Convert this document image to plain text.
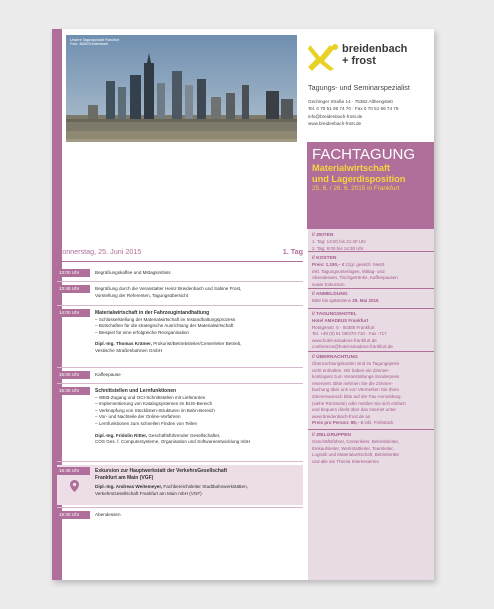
Unsere Tagungsstadt Frankfurt
Foto: 360b/Shutterstock	breidenbach
+ frost
Tagungs- und Seminarspezialist
Gechinger Straße 14 · 75382 Althengstett
Tel. 0 70 51 96 74 70 · Fax 0 70 51 96 74 79
info@breidenbach-frost.de
www.breidenbach-frost.de
FACHTAGUNG
Materialwirtschaft
und Lagerdisposition
25. 6. / 26. 6. 2015 in Frankfurt
Donnerstag, 25. Juni 2015	1. Tag
13:00 Uhr	Begrüßungskaffee und Mittagsimbiss
13:45 Uhr	Begrüßung durch die Veranstalter Heinz Breidenbach und Sabine Frost,
Vorstellung der Referenten, Tagungsübersicht
14:00 Uhr	Materialwirtschaft in der Fahrzeugintandhaltung
– Schlüsselstellung der Materialwirtschaft im Instandhaltungsprozess
– Botschaften für die strategische Ausrichtung der Materialwirtschaft
– Beispiel für eine erfolgreiche Reorganisation
Dipl.-Ing. Thomas Krämer, Prokurist/Betriebsleiter/Centerleiter Betrieb,
Vestische Straßenbahnen GmbH
15:00 Uhr	Kaffeepause
15:30 Uhr	Schnittstellen und Lernfunktionen
– WEB-Zugang und OCI-Schnittstellen mit Lieferanten
– Implementierung von Katalogsystemen im BUS-Bereich
– Verknüpfung von Stücklisten-Strukturen im Bahn-Bereich
– Vor- und Nachteile der Online-Verfahren
– Lernfunktionen zum schnellen Finden von Teilen
Dipl.-Ing. Fridolin Ritter, Geschäftsführender Gesellschafter,
COS Ges. f. Computersysteme, Organisation und Softwareentwicklung mbH
16:45 Uhr	Exkursion zur Hauptwerkstatt der VerkehrsGesellschaft
Frankfurt am Main (VGF)
Dipl.-Ing. Andreas Weitemeyer, Fachbereichsleiter Stadtbahnwerkstätten,
VerkehrsGesellschaft Frankfurt am Main mbH (VGF)
19:30 Uhr	Abendessen
// ZEITEN
1. Tag: 13:00 bis 21:30 Uhr
2. Tag: 8:00 bis 14:30 Uhr
// KOSTEN
Preis: 1.190,– € zzgl. gesetzl. MwSt.
inkl. Tagungsunterlagen, Mittag- und
Abendessen, Tischgetränke, Kaffeepausen
sowie Exkursion
// ANMELDUNG
Bitte bis spätestens 29. Mai 2015
// TAGUNGSHOTEL
Hotel AMADEUS Frankfurt
Röntgenstr. 5 · 60388 Frankfurt
Tel. +49 (0) 61 09/370-710 · Fax -717
www.hotel-amadeus-frankfurt.de
conference@hotel-amadeus-frankfurt.de
// ÜBERNACHTUNG
Übernachtungskosten sind im Tagungspreis
nicht enthalten. Wir haben ein Zimmer-
kontingent zum Veranstaltungs-Sonderpreis
reserviert. Bitte nehmen Sie die Zimmer-
buchung über uns vor! Vermerken Sie Ihren
Zimmerwunsch bitte auf der Fax-Anmeldung
(siehe Rückseite) oder melden Sie sich einfach
und bequem direkt über das Internet unter
www.breidenbach-frost.de an.
Preis pro Person: 88,– € inkl. Frühstück
// ZIELGRUPPEN
Geschäftsführer, Centerleiter, Betriebsleiter,
Einkaufsleiter, Werkstattleiter, Teamleiter,
Logistik und Materialwirtschaft, Betriebsräte
und alle am Thema Interessierten
